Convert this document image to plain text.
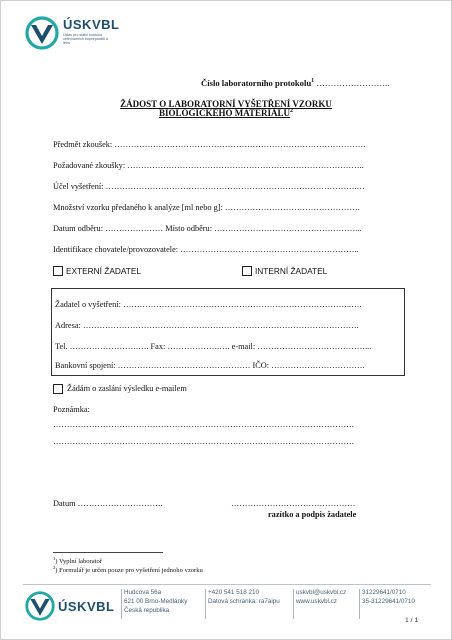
ÚSKVBL
Ústav pro státní kontrolu veterinárních biopreparátů a léčiv
Číslo laboratorního protokolu$^1$ ……………………..
ŽÁDOST O LABORATORNÍ VYŠETŘENÍ VZORKU
BIOLOGICKÉHO MATERIÁLU$^2$
Předmět zkoušek: ……………………………………………………………………………….
Požadované zkoušky: …………………………………………………………………………..
Účel vyšetření: ……………………………………………………………………………….…
Množství vzorku předaného k analýze [ml nebo g]: ………………………………………….
Datum odběru: ………………… Místo odběru: ……………………………………………...
Identifikace chovatele/provozovatele: ………………………………………………………..
EXTERNÍ ŽADATEL	INTERNÍ ŽADATEL
Žadatel o vyšetření: ………………………………………………………………………..….
Adresa: ……………………………………………………………………………………….
Tel. …………………….…. Fax: ……………….…. e-mail: …………………………………...
Bankovní spojení: ………………………………………… IČO: …………………………….
Žádám o zaslání výsledku e-mailem
Poznámka:
……………………………………………………………………………………………….
……………………………………………………………………………………………….
Datum ………………………….	………………………………………
razítko a podpis žadatele
$^1$) Vyplní laboratoř
$^2$) Formulář je určen pouze pro vyšetření jednoho vzorku
ÚSKVBL
Hudcova 56a
621 00 Brno-Medlánky
Česká republika
+420 541 518 210
Datová schránka: ra7aipu
uskvbl@uskvbl.cz
www.uskvbl.cz
31229641/0710
35-31229641/0710
1 / 1
